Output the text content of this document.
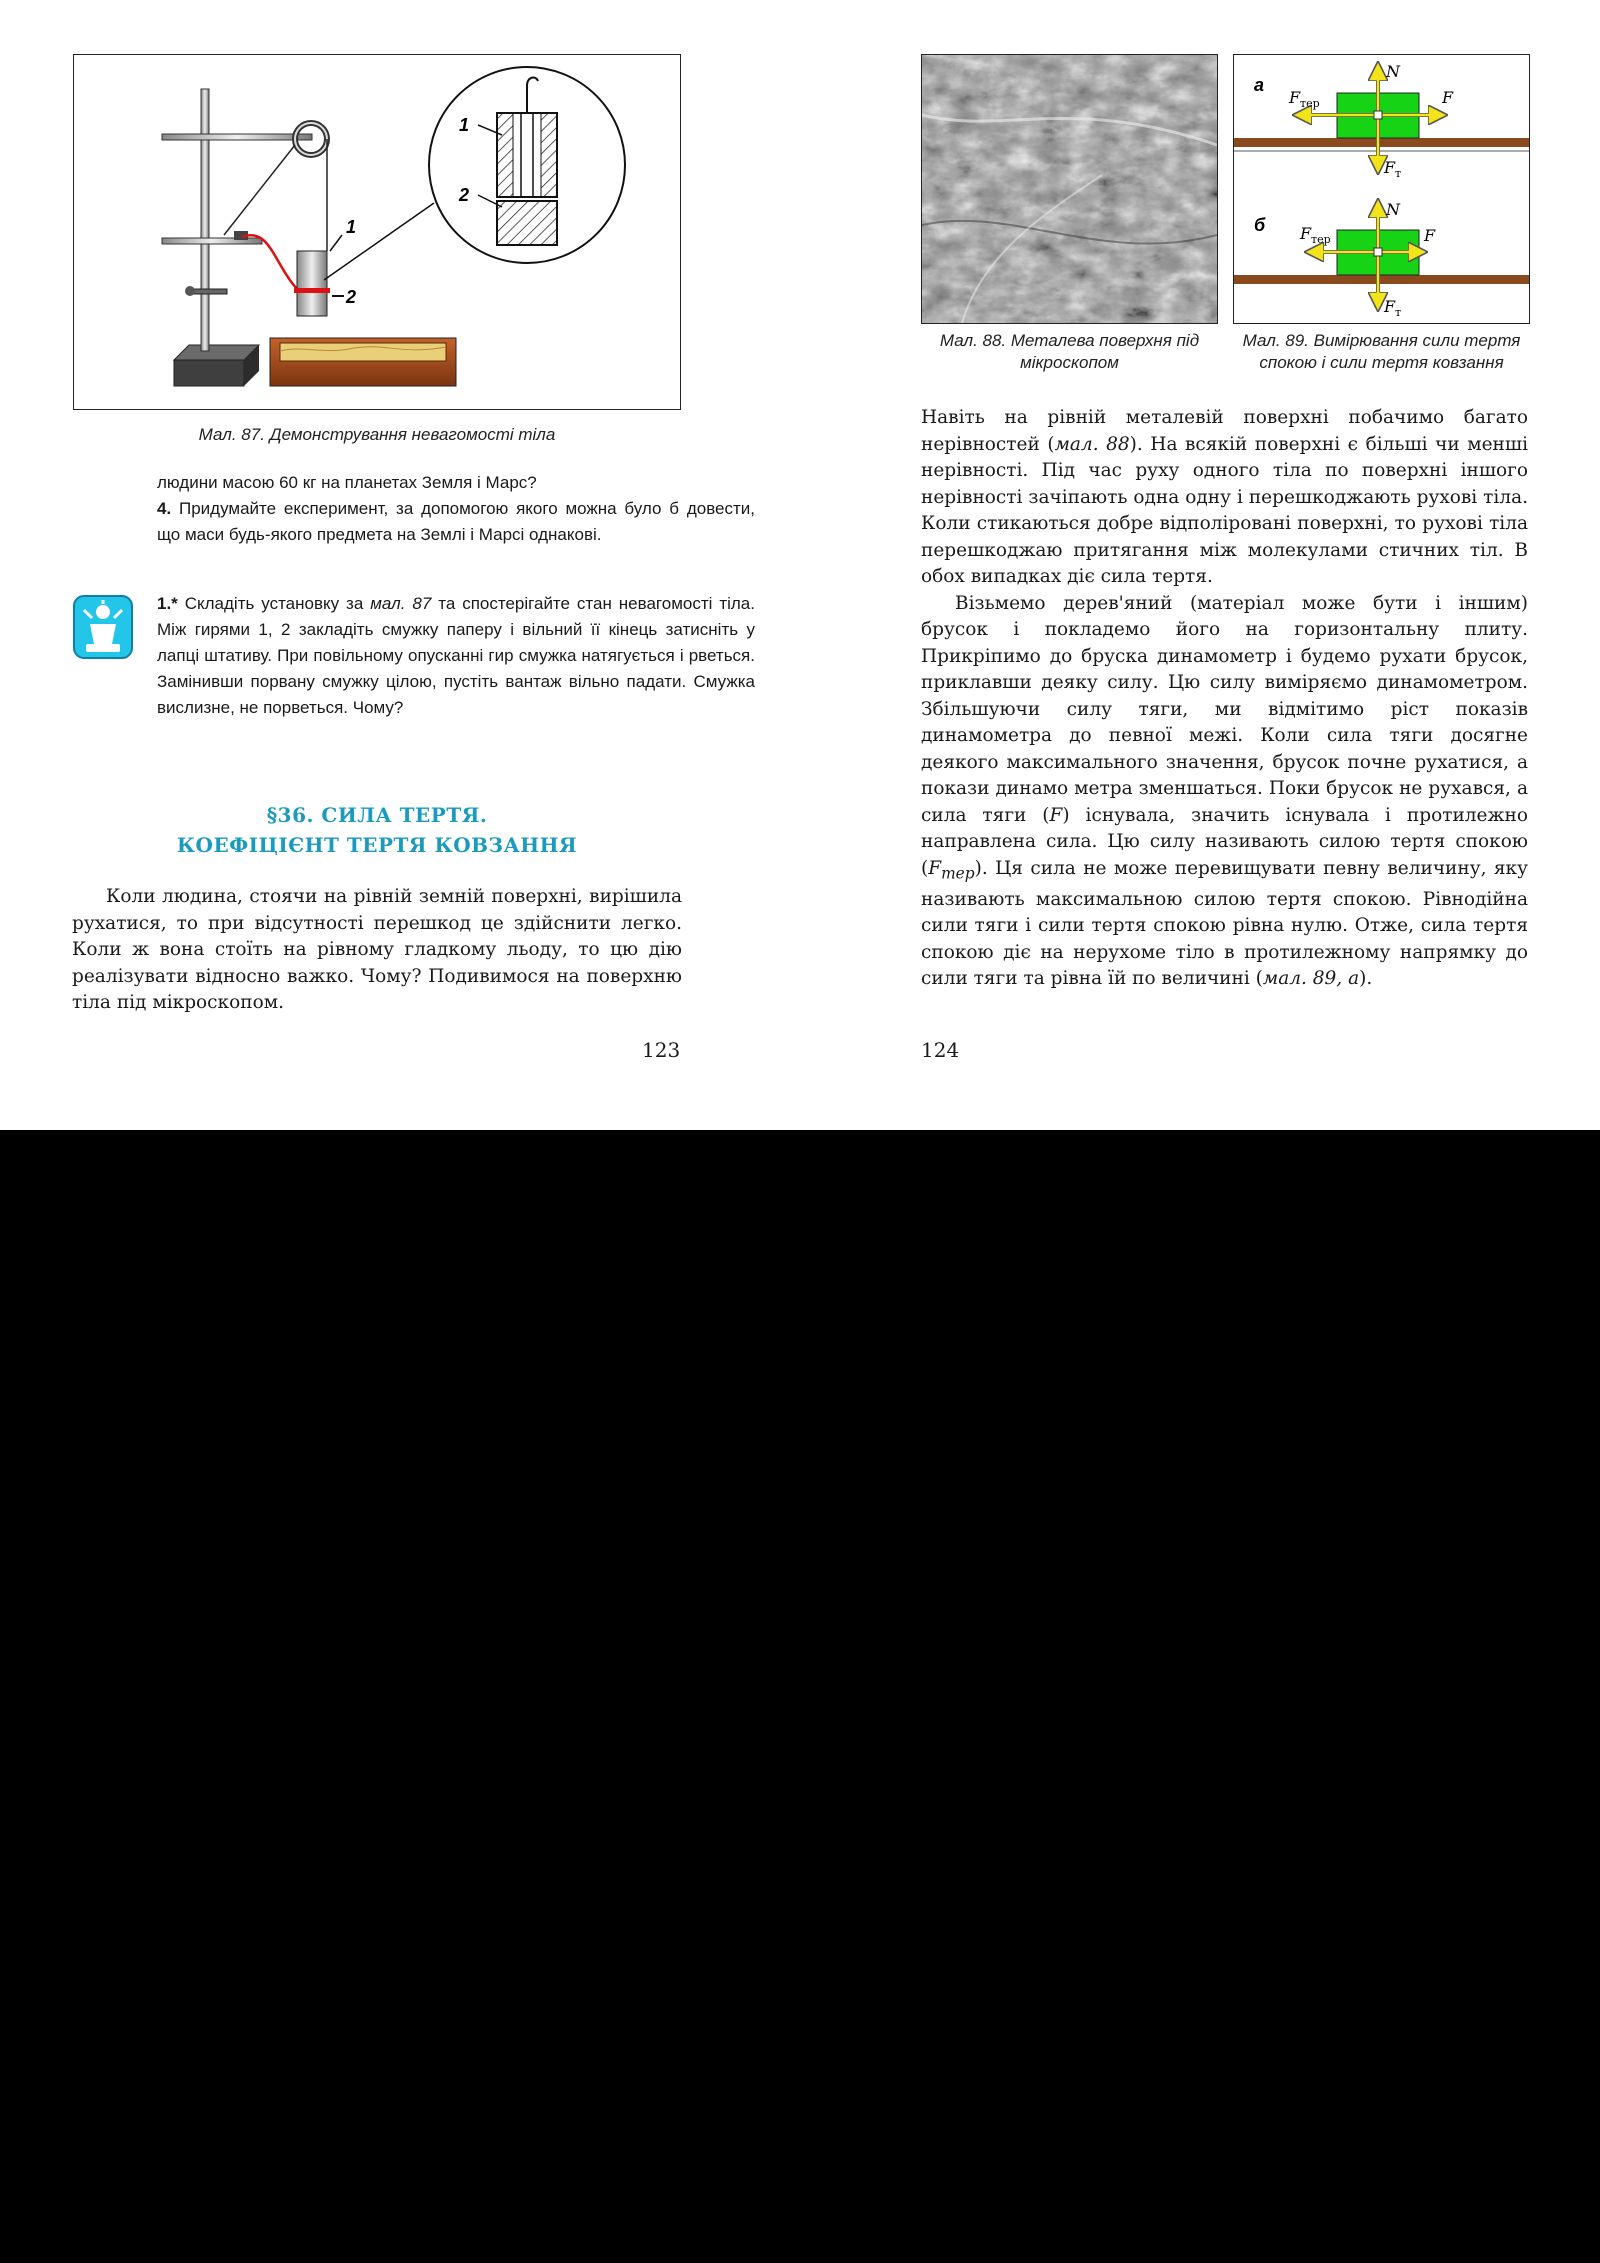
2
1
1
2
Мал. 87. Демонстрування невагомості тіла
людини масою 60 кг на планетах Земля і Марс?
4. Придумайте експеримент, за допомогою якого можна було б довести, що маси будь-якого предмета на Землі і Марсі однакові.
1.* Складіть установку за мал. 87 та спостерігайте стан невагомості тіла. Між гирями 1, 2 закладіть смужку паперу і вільний її кінець затисніть у лапці штативу. При повільному опусканні гир смужка натягується і рветься. Замінивши порвану смужку цілою, пустіть вантаж вільно падати. Смужка вислизне, не порветься. Чому?
§36. СИЛА ТЕРТЯ.
КОЕФІЦІЄНТ ТЕРТЯ КОВЗАННЯ

Коли людина, стоячи на рівній земній поверхні, вирішила рухатися, то при відсутності перешкод це здійснити легко. Коли ж вона стоїть на рівному гладкому льоду, то цю дію реалізувати відносно важко. Чому? Подивимося на поверхню тіла під мікроскопом.

123
а
N
F
F тер
F т
б
N
F
F тер
F т
Мал. 88. Металева поверхня під мікроскопом
Мал. 89. Вимірювання сили тертя спокою і сили тертя ковзання

Навіть на рівній металевій поверхні побачимо багато нерівностей (мал. 88). На всякій поверхні є більші чи менші нерівності. Під час руху одного тіла по поверхні іншого нерівності зачіпають одна одну і перешкоджають рухові тіла. Коли стикаються добре відполіровані поверхні, то рухові тіла перешкоджаю притягання між молекулами стичних тіл. В обох випадках діє сила тертя.

Візьмемо дерев'яний (матеріал може бути і іншим) брусок і покладемо його на горизонтальну плиту. Прикріпимо до бруска динамометр і будемо рухати брусок, приклавши деяку силу. Цю силу виміряємо динамометром. Збільшуючи силу тяги, ми відмітимо ріст показів динамометра до певної межі. Коли сила тяги досягне деякого максимального значення, брусок почне рухатися, а покази динамо метра зменшаться. Поки брусок не рухався, а сила тяги (F) існувала, значить існувала і протилежно направлена сила. Цю силу називають силою тертя спокою $(F_{тер})$. Ця сила не може перевищувати певну величину, яку називають максимальною силою тертя спокою. Рівнодійна сили тяги і сили тертя спокою рівна нулю. Отже, сила тертя спокою діє на нерухоме тіло в протилежному напрямку до сили тяги та рівна їй по величині (мал. 89, а).

124
